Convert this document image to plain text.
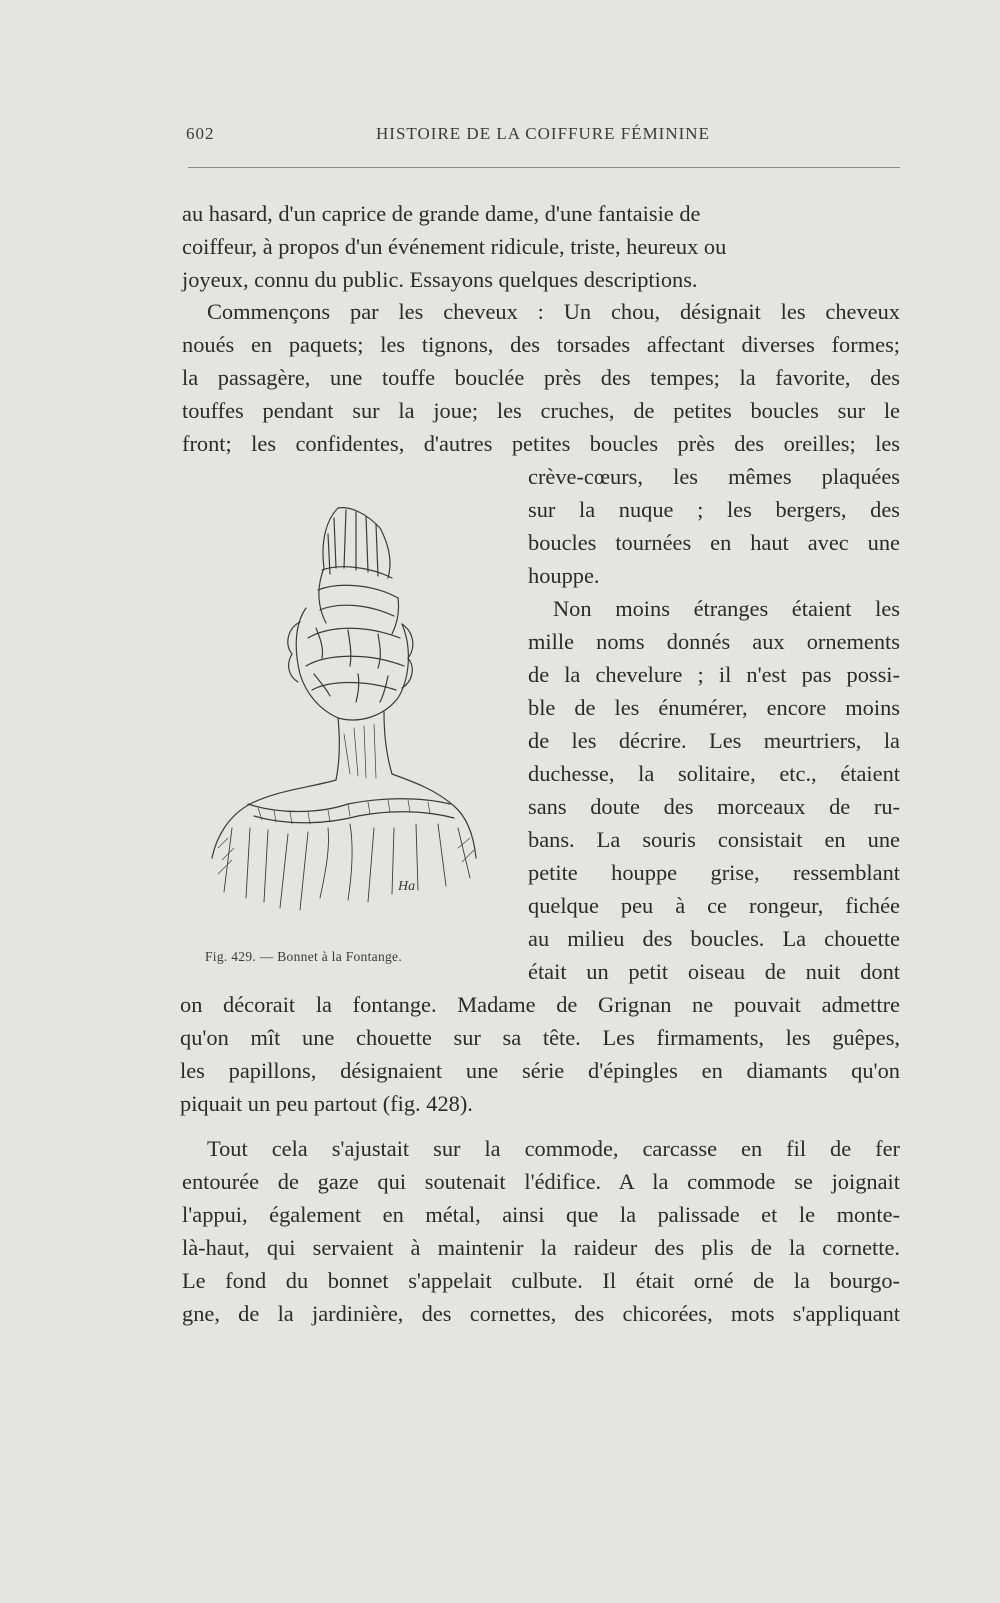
602	HISTOIRE DE LA COIFFURE FÉMININE

au hasard, d'un caprice de grande dame, d'une fantaisie de
coiffeur, à propos d'un événement ridicule, triste, heureux ou
joyeux, connu du public. Essayons quelques descriptions.

Commençons par les cheveux : Un chou, désignait les cheveux
noués en paquets; les tignons, des torsades affectant diverses formes;
la passagère, une touffe bouclée près des tempes; la favorite, des
touffes pendant sur la joue; les cruches, de petites boucles sur le
front; les confidentes, d'autres petites boucles près des oreilles; les

crève-cœurs, les mêmes plaquées
sur la nuque ; les bergers, des
boucles tournées en haut avec une
houppe.

Non moins étranges étaient les
mille noms donnés aux ornements
de la chevelure ; il n'est pas possi-
ble de les énumérer, encore moins
de les décrire. Les meurtriers, la
duchesse, la solitaire, etc., étaient
sans doute des morceaux de ru-
bans. La souris consistait en une
petite houppe grise, ressemblant
quelque peu à ce rongeur, fichée
au milieu des boucles. La chouette
était un petit oiseau de nuit dont

on décorait la fontange. Madame de Grignan ne pouvait admettre
qu'on mît une chouette sur sa tête. Les firmaments, les guêpes,
les papillons, désignaient une série d'épingles en diamants qu'on
piquait un peu partout (fig. 428).

Tout cela s'ajustait sur la commode, carcasse en fil de fer
entourée de gaze qui soutenait l'édifice. A la commode se joignait
l'appui, également en métal, ainsi que la palissade et le monte-
là-haut, qui servaient à maintenir la raideur des plis de la cornette.
Le fond du bonnet s'appelait culbute. Il était orné de la bourgo-
gne, de la jardinière, des cornettes, des chicorées, mots s'appliquant

Ha
Fig. 429. — Bonnet à la Fontange.
